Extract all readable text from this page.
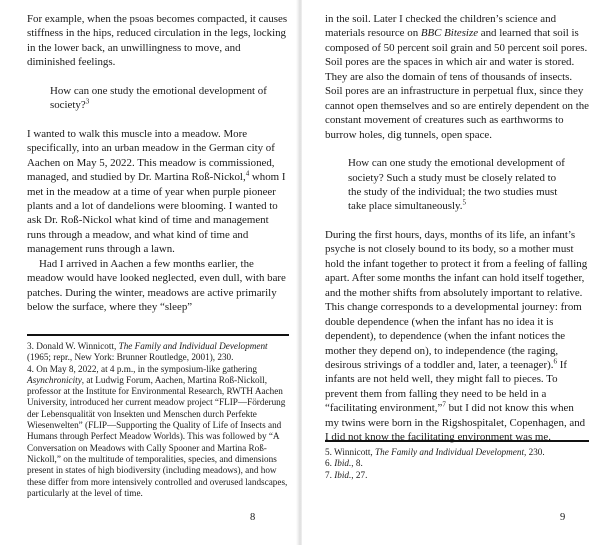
For example, when the psoas becomes compacted, it causes stiffness in the hips, reduced circulation in the legs, locking in the lower back, an unwillingness to move, and diminished feelings.

How can one study the emotional development of society?$^3$

I wanted to walk this muscle into a meadow. More specifically, into an urban meadow in the German city of Aachen on May 5, 2022. This meadow is commissioned, managed, and studied by Dr. Martina Roß-Nickol,$^4$ whom I met in the meadow at a time of year when purple pioneer plants and a lot of dandelions were blooming. I wanted to ask Dr. Roß-Nickol what kind of time and management runs through a meadow, and what kind of time and management runs through a lawn.

Had I arrived in Aachen a few months earlier, the meadow would have looked neglected, even dull, with bare patches. During the winter, meadows are active primarily below the surface, where they “sleep”

3. Donald W. Winnicott, The Family and Individual Development (1965; repr., New York: Brunner Routledge, 2001), 230.

4. On May 8, 2022, at 4 p.m., in the symposium-like gathering Asynchronicity, at Ludwig Forum, Aachen, Martina Roß-Nickoll, professor at the Institute for Environmental Research, RWTH Aachen University, introduced her current meadow project “FLIP—Förderung der Lebensqualität von Insekten und Menschen durch Perfekte Wiesenwelten” (FLIP—Supporting the Quality of Life of Insects and Humans through Perfect Meadow Worlds). This was followed by “A Conversation on Meadows with Cally Spooner and Martina Roß-Nickoll,” on the multitude of temporalities, species, and dimensions present in states of high biodiversity (including meadows), and how these differ from more intensively controlled and overused landscapes, particularly at the level of time.

8

in the soil. Later I checked the children’s science and materials resource on BBC Bitesize and learned that soil is composed of 50 percent soil grain and 50 percent soil pores. Soil pores are the spaces in which air and water is stored. They are also the domain of tens of thousands of insects. Soil pores are an infrastructure in perpetual flux, since they cannot open themselves and so are entirely dependent on the constant movement of creatures such as earthworms to burrow holes, dig tunnels, open space.

How can one study the emotional development of society? Such a study must be closely related to the study of the individual; the two studies must take place simultaneously.$^5$

During the first hours, days, months of its life, an infant’s psyche is not closely bound to its body, so a mother must hold the infant together to protect it from a feeling of falling apart. After some months the infant can hold itself together, and the mother shifts from absolutely important to relative. This change corresponds to a developmental journey: from double dependence (when the infant has no idea it is dependent), to dependence (when the infant notices the mother they depend on), to independence (the raging, desirous strivings of a toddler and, later, a teenager).$^6$ If infants are not held well, they might fall to pieces. To prevent them from falling they need to be held in a “facilitating environment,”$^7$ but I did not know this when my twins were born in the Rigshospitalet, Copenhagen, and I did not know the facilitating environment was me.

5. Winnicott, The Family and Individual Development, 230.

6. Ibid., 8.

7. Ibid., 27.

9
